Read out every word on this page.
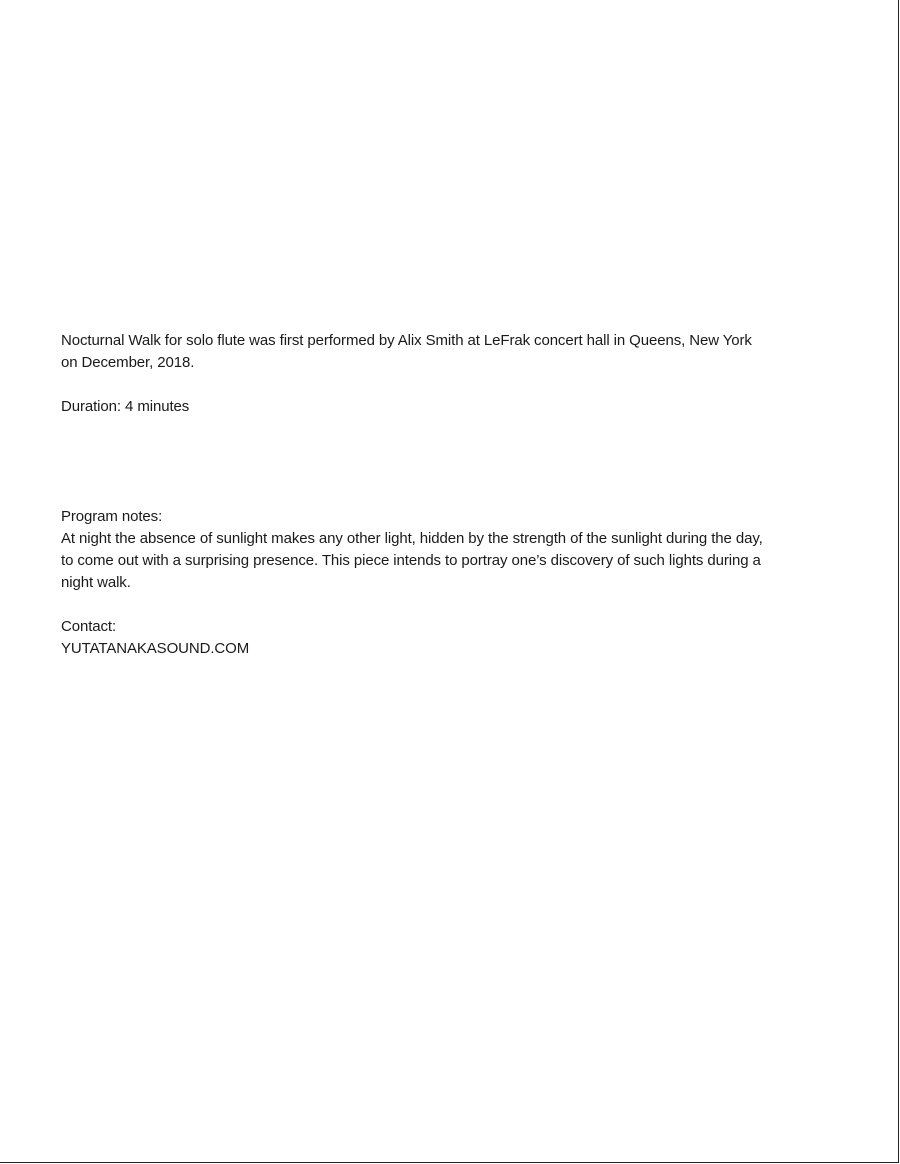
Nocturnal Walk for solo flute was first performed by Alix Smith at LeFrak concert hall in Queens, New York
on December, 2018.
Duration: 4 minutes
Program notes:
At night the absence of sunlight makes any other light, hidden by the strength of the sunlight during the day,
to come out with a surprising presence. This piece intends to portray one’s discovery of such lights during a
night walk.
Contact:
YUTATANAKASOUND.COM
